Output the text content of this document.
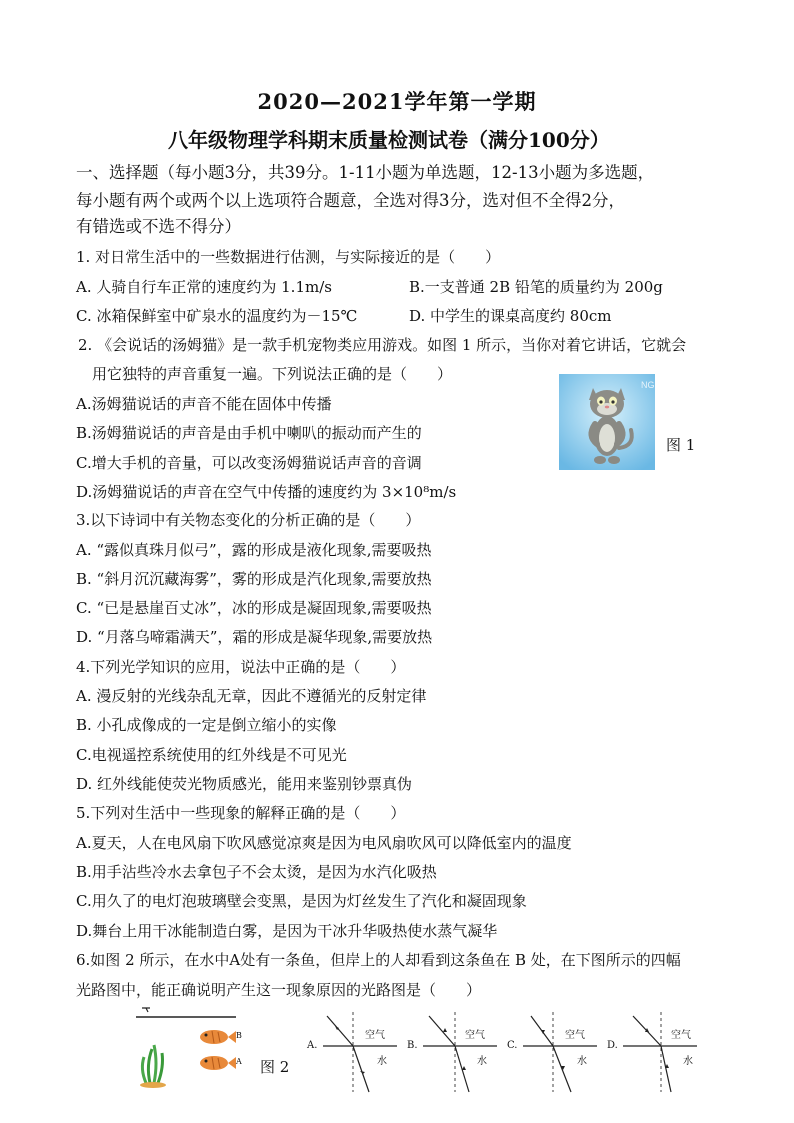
2020—2021学年第一学期
八年级物理学科期末质量检测试卷（满分100分）
一、选择题（每小题3分，共39分。1-11小题为单选题，12-13小题为多选题，
每小题有两个或两个以上选项符合题意，全选对得3分，选对但不全得2分，
有错选或不选不得分）
1. 对日常生活中的一些数据进行估测，与实际接近的是（　　）
A. 人骑自行车正常的速度约为 1.1m/s	B.一支普通 2B 铅笔的质量约为 200g
C. 冰箱保鲜室中矿泉水的温度约为－15℃	D. 中学生的课桌高度约 80cm
2. 《会说话的汤姆猫》是一款手机宠物类应用游戏。如图 1 所示，当你对着它讲话，它就会
用它独特的声音重复一遍。下列说法正确的是（　　）
A.汤姆猫说话的声音不能在固体中传播
B.汤姆猫说话的声音是由手机中喇叭的振动而产生的
C.增大手机的音量，可以改变汤姆猫说话声音的音调
D.汤姆猫说话的声音在空气中传播的速度约为 3×10⁸m/s
NG
图 1
3.以下诗词中有关物态变化的分析正确的是（　　）
A. “露似真珠月似弓”，露的形成是液化现象,需要吸热
B. “斜月沉沉藏海雾”，雾的形成是汽化现象,需要放热
C. “已是悬崖百丈冰”，冰的形成是凝固现象,需要吸热
D. “月落乌啼霜满天”，霜的形成是凝华现象,需要放热
4.下列光学知识的应用，说法中正确的是（　　）
A. 漫反射的光线杂乱无章，因此不遵循光的反射定律
B. 小孔成像成的一定是倒立缩小的实像
C.电视遥控系统使用的红外线是不可见光
D. 红外线能使荧光物质感光，能用来鉴别钞票真伪
5.下列对生活中一些现象的解释正确的是（　　）
A.夏天，人在电风扇下吹风感觉凉爽是因为电风扇吹风可以降低室内的温度
B.用手沾些冷水去拿包子不会太烫，是因为水汽化吸热
C.用久了的电灯泡玻璃壁会变黑，是因为灯丝发生了汽化和凝固现象
D.舞台上用干冰能制造白雾，是因为干冰升华吸热使水蒸气凝华
6.如图 2 所示，在水中A处有一条鱼，但岸上的人却看到这条鱼在 B 处，在下图所示的四幅
光路图中，能正确说明产生这一现象原因的光路图是（　　）
B
A 图 2
A.
空气
水
B.
空气
水
C.
空气
水
D.
空气
水
